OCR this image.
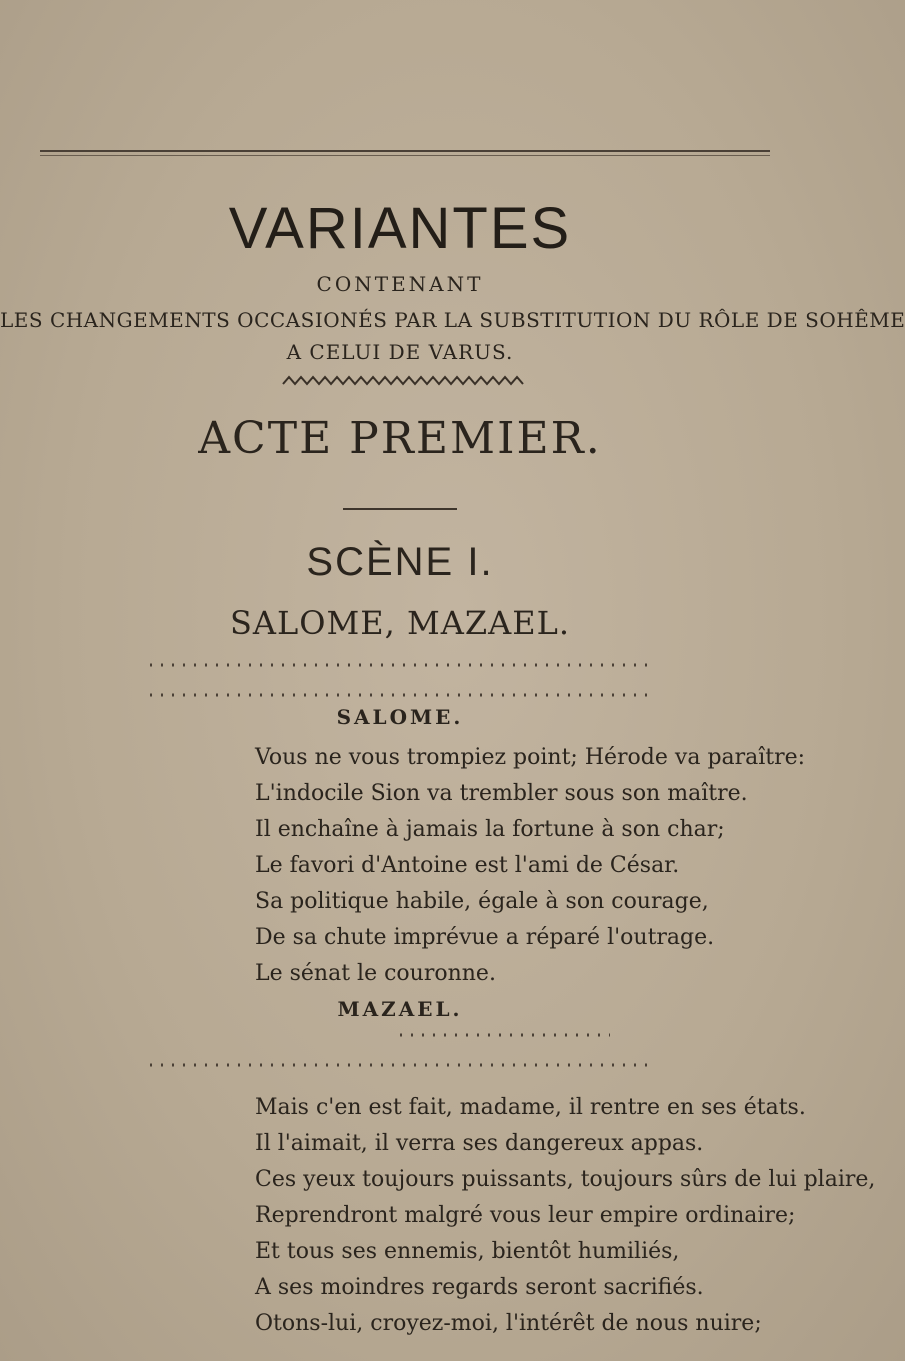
VARIANTES
CONTENANT
LES CHANGEMENTS OCCASIONÉS PAR LA SUBSTITUTION DU RÔLE DE SOHÊME
A CELUI DE VARUS.
ACTE PREMIER.
SCÈNE I.
SALOME, MAZAEL.
SALOME.
Vous ne vous trompiez point; Hérode va paraître:
L'indocile Sion va trembler sous son maître.
Il enchaîne à jamais la fortune à son char;
Le favori d'Antoine est l'ami de César.
Sa politique habile, égale à son courage,
De sa chute imprévue a réparé l'outrage.
Le sénat le couronne.
MAZAEL.
Mais c'en est fait, madame, il rentre en ses états.
Il l'aimait, il verra ses dangereux appas.
Ces yeux toujours puissants, toujours sûrs de lui plaire,
Reprendront malgré vous leur empire ordinaire;
Et tous ses ennemis, bientôt humiliés,
A ses moindres regards seront sacrifiés.
Otons-lui, croyez-moi, l'intérêt de nous nuire;
